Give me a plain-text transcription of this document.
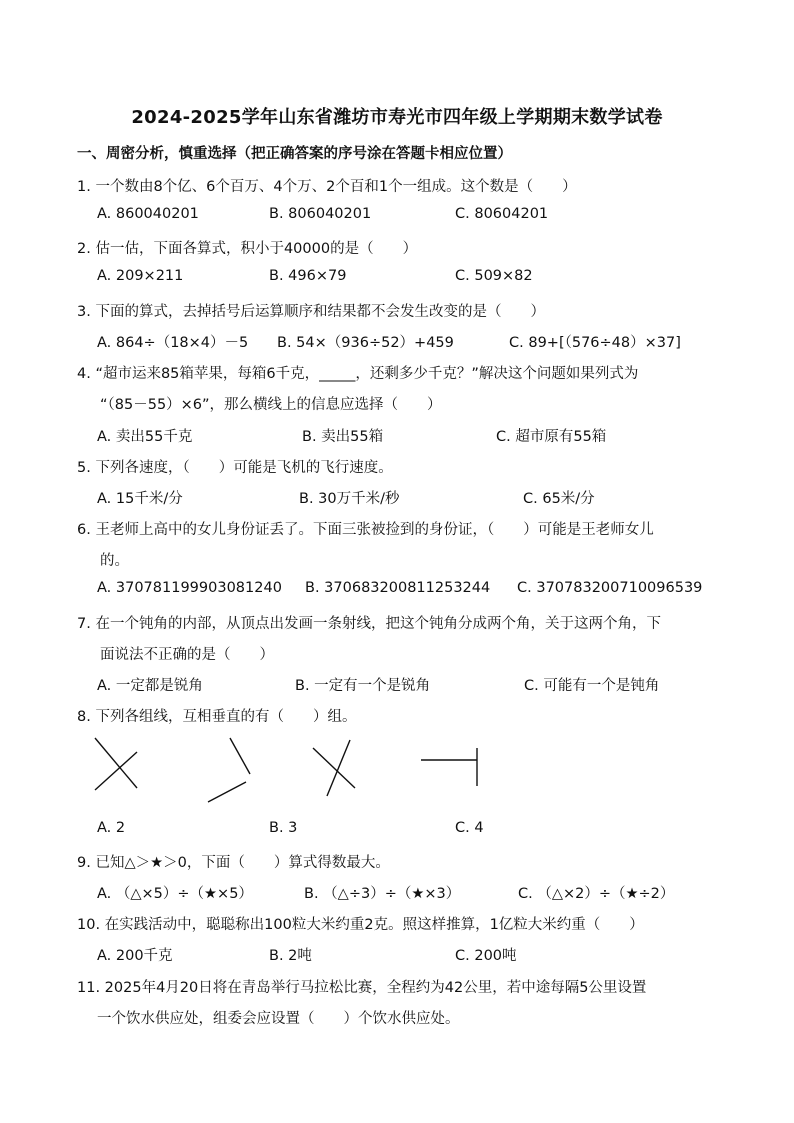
2024-2025学年山东省潍坊市寿光市四年级上学期期末数学试卷
一、周密分析，慎重选择（把正确答案的序号涂在答题卡相应位置）
1. 一个数由8个亿、6个百万、4个万、2个百和1个一组成。这个数是（　　）
A. 860040201	B. 806040201	C. 80604201
2. 估一估，下面各算式，积小于40000的是（　　）
A. 209×211	B. 496×79	C. 509×82
3. 下面的算式，去掉括号后运算顺序和结果都不会发生改变的是（　　）
A. 864÷（18×4）－5 B. 54×（936÷52）+459	C. 89+[（576÷48）×37]
4. “超市运来85箱苹果，每箱6千克，_____，还剩多少千克？”解决这个问题如果列式为
“（85－55）×6”，那么横线上的信息应选择（　　）
A. 卖出55千克	B. 卖出55箱	C. 超市原有55箱
5. 下列各速度，（　　）可能是飞机的飞行速度。
A. 15千米/分	B. 30万千米/秒	C. 65米/分
6. 王老师上高中的女儿身份证丢了。下面三张被捡到的身份证，（　　）可能是王老师女儿
的。
A. 370781199903081240 B. 370683200811253244 C. 370783200710096539
7. 在一个钝角的内部，从顶点出发画一条射线，把这个钝角分成两个角，关于这两个角，下
面说法不正确的是（　　）
A. 一定都是锐角	B. 一定有一个是锐角	C. 可能有一个是钝角
8. 下列各组线，互相垂直的有（　　）组。
A. 2	B. 3	C. 4
9. 已知△＞★＞0，下面（　　）算式得数最大。
A. （△×5）÷（★×5）	B. （△÷3）÷（★×3）	C. （△×2）÷（★÷2）
10. 在实践活动中，聪聪称出100粒大米约重2克。照这样推算，1亿粒大米约重（　　）
A. 200千克	B. 2吨	C. 200吨
11. 2025年4月20日将在青岛举行马拉松比赛，全程约为42公里，若中途每隔5公里设置
一个饮水供应处，组委会应设置（　　）个饮水供应处。
